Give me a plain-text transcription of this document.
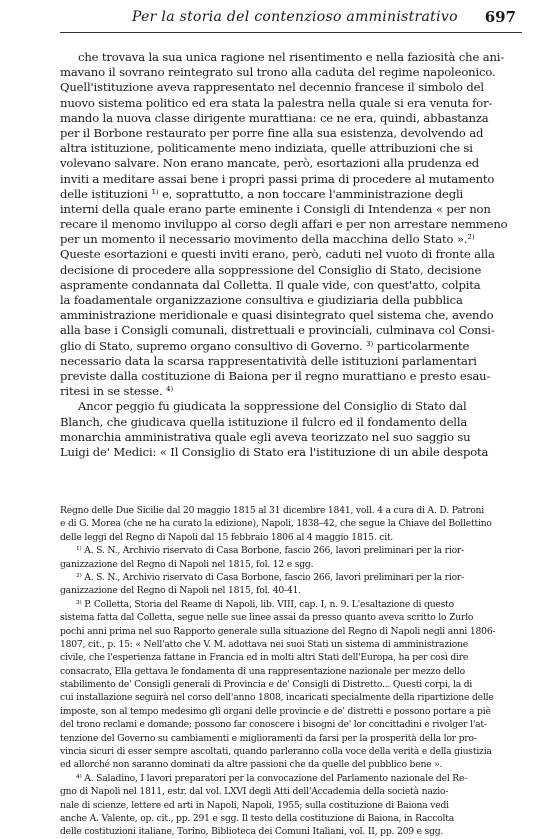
Per la storia del contenzioso amministrativo 697
che trovava la sua unica ragione nel risentimento e nella faziosità che ani-
mavano il sovrano reintegrato sul trono alla caduta del regime napoleonico.
Quell'istituzione aveva rappresentato nel decennio francese il simbolo del
nuovo sistema politico ed era stata la palestra nella quale si era venuta for-
mando la nuova classe dirigente murattiana: ce ne era, quindi, abbastanza
per il Borbone restaurato per porre fine alla sua esistenza, devolvendo ad
altra istituzione, politicamente meno indiziata, quelle attribuzioni che si
volevano salvare. Non erano mancate, però, esortazioni alla prudenza ed
inviti a meditare assai bene i propri passi prima di procedere al mutamento
delle istituzioni ¹⁾ e, soprattutto, a non toccare l'amministrazione degli
interni della quale erano parte eminente i Consigli di Intendenza « per non
recare il menomo inviluppo al corso degli affari e per non arrestare nemmeno
per un momento il necessario movimento della macchina dello Stato ».²⁾
Queste esortazioni e questi inviti erano, però, caduti nel vuoto di fronte alla
decisione di procedere alla soppressione del Consiglio di Stato, decisione
aspramente condannata dal Colletta. Il quale vide, con quest'atto, colpita
la foadamentale organizzazione consultiva e giudiziaria della pubblica
amministrazione meridionale e quasi disintegrato quel sistema che, avendo
alla base i Consigli comunali, distrettuali e provinciali, culminava col Consi-
glio di Stato, supremo organo consultivo di Governo. ³⁾ particolarmente
necessario data la scarsa rappresentatività delle istituzioni parlamentari
previste dalla costituzione di Baiona per il regno murattiano e presto esau-
ritesi in se stesse. ⁴⁾
Ancor peggio fu giudicata la soppressione del Consiglio di Stato dal
Blanch, che giudicava quella istituzione il fulcro ed il fondamento della
monarchia amministrativa quale egli aveva teorizzato nel suo saggio su
Luigi de' Medici: « Il Consiglio di Stato era l'istituzione di un abile despota
Regno delle Due Sicilie dal 20 maggio 1815 al 31 dicembre 1841, voll. 4 a cura di A. D. Patroni
e di G. Morea (che ne ha curato la edizione), Napoli, 1838–42, che segue la Chiave del Bollettino
delle leggi del Regno di Napoli dal 15 febbraio 1806 al 4 maggio 1815. cit.
¹⁾ A. S. N., Archivio riservato di Casa Borbone, fascio 266, lavori preliminari per la rior-
ganizzazione del Regno di Napoli nel 1815, fol. 12 e sgg.
²⁾ A. S. N., Archivio riservato di Casa Borbone, fascio 266, lavori preliminari per la rior-
ganizzazione del Regno di Napoli nel 1815, fol. 40-41.
³⁾ P. Colletta, Storia del Reame di Napoli, lib. VIII, cap. I, n. 9. L'esaltazione di questo
sistema fatta dal Colletta, segue nelle sue linee assai da presso quanto aveva scritto lo Zurlo
pochi anni prima nel suo Rapporto generale sulla situazione del Regno di Napoli negli anni 1806-
1807, cit., p. 15: « Nell'atto che V. M. adottava nei suoi Stati un sistema di amministrazione
civile, che l'esperienza fattane in Francia ed in molti altri Stati dell'Europa, ha per così dire
consacrato, Ella gettava le fondamenta di una rappresentazione nazionale per mezzo dello
stabilimento de' Consigli generali di Provincia e de' Consigli di Distretto... Questi corpi, la di
cui installazione seguirà nel corso dell'anno 1808, incaricati specialmente della ripartizione delle
imposte, son al tempo medesimo gli organi delle provincie e de' distretti e possono portare a piè
del trono reclami e domande; possono far conoscere i bisogni de' lor concittadini e rivolger l'at-
tenzione del Governo su cambiamenti e miglioramenti da farsi per la prosperità della lor pro-
vincia sicuri di esser sempre ascoltati, quando parleranno colla voce della verità e della giustizia
ed allorché non saranno dominati da altre passioni che da quelle del pubblico bene ».
⁴⁾ A. Saladino, I lavori preparatori per la convocazione del Parlamento nazionale del Re-
gno di Napoli nel 1811, estr. dal vol. LXVI degli Atti dell'Accademia della società nazio-
nale di scienze, lettere ed arti in Napoli, Napoli, 1955; sulla costituzione di Baiona vedi
anche A. Valente, op. cit., pp. 291 e sgg. Il testo della costituzione di Baiona, in Raccolta
delle costituzioni italiane, Torino, Biblioteca dei Comuni Italiani, vol. II, pp. 209 e sgg.
